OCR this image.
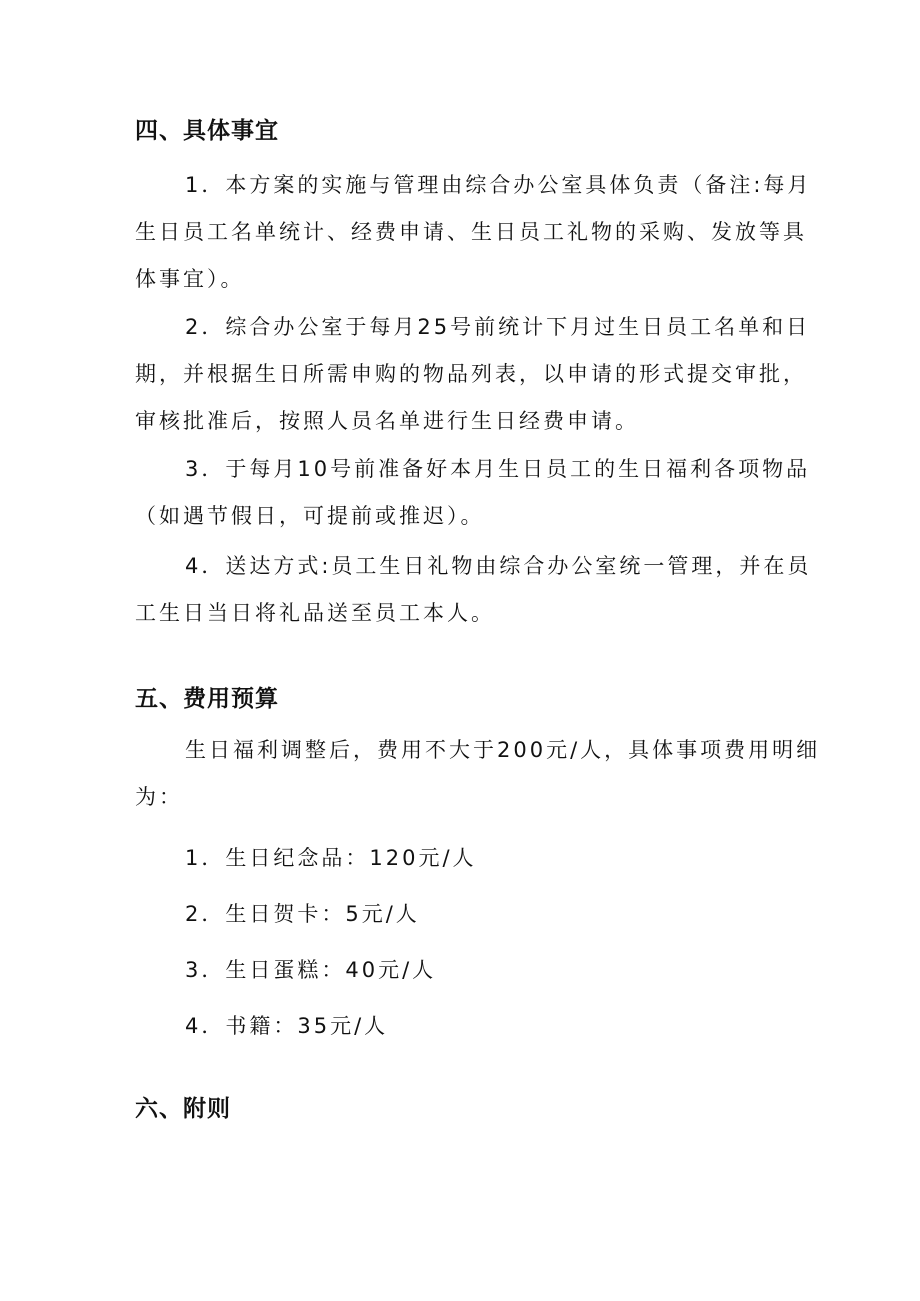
四、具体事宜
1．本方案的实施与管理由综合办公室具体负责（备注:每月
生日员工名单统计、经费申请、生日员工礼物的采购、发放等具
体事宜）。
2．综合办公室于每月25号前统计下月过生日员工名单和日
期，并根据生日所需申购的物品列表，以申请的形式提交审批，
审核批准后，按照人员名单进行生日经费申请。
3．于每月10号前准备好本月生日员工的生日福利各项物品
（如遇节假日，可提前或推迟）。
4．送达方式:员工生日礼物由综合办公室统一管理，并在员
工生日当日将礼品送至员工本人。
五、费用预算
生日福利调整后，费用不大于200元/人，具体事项费用明细
为：
1．生日纪念品：120元/人
2．生日贺卡：5元/人
3．生日蛋糕：40元/人
4．书籍：35元/人
六、附则
